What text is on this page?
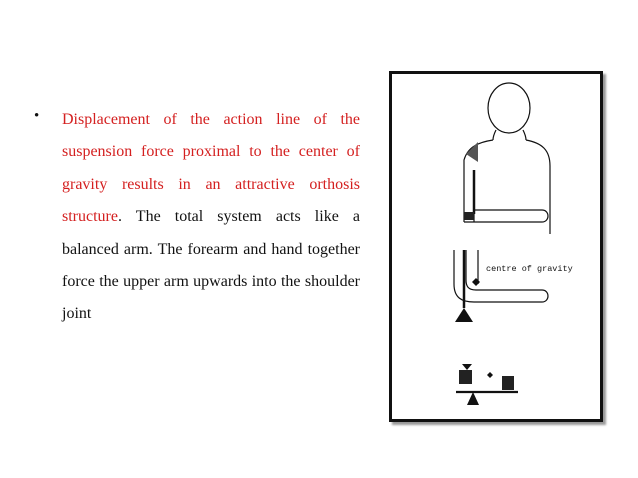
• Displacement of the action line of the suspension force proximal to the center of gravity results in an attractive orthosis structure. The total system acts like a balanced arm. The forearm and hand together force the upper arm upwards into the shoulder joint
centre of gravity
